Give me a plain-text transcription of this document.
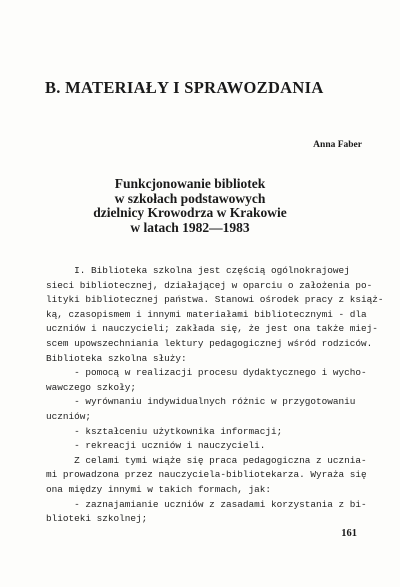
B. MATERIAŁY I SPRAWOZDANIA
Anna Faber
Funkcjonowanie bibliotek
w szkołach podstawowych
dzielnicy Krowodrza w Krakowie
w latach 1982—1983
I. Biblioteka szkolna jest częścią ogólnokrajowej
sieci bibliotecznej, działającej w oparciu o założenia po-
lityki bibliotecznej państwa. Stanowi ośrodek pracy z książ-
ką, czasopismem i innymi materiałami bibliotecznymi - dla
uczniów i nauczycieli; zakłada się, że jest ona także miej-
scem upowszechniania lektury pedagogicznej wśród rodziców.
Biblioteka szkolna służy:
- pomocą w realizacji procesu dydaktycznego i wycho-
wawczego szkoły;
- wyrównaniu indywidualnych różnic w przygotowaniu
uczniów;
- kształceniu użytkownika informacji;
- rekreacji uczniów i nauczycieli.
Z celami tymi wiąże się praca pedagogiczna z ucznia-
mi prowadzona przez nauczyciela-bibliotekarza. Wyraża się
ona między innymi w takich formach, jak:
- zaznajamianie uczniów z zasadami korzystania z bi-
blioteki szkolnej;
161
